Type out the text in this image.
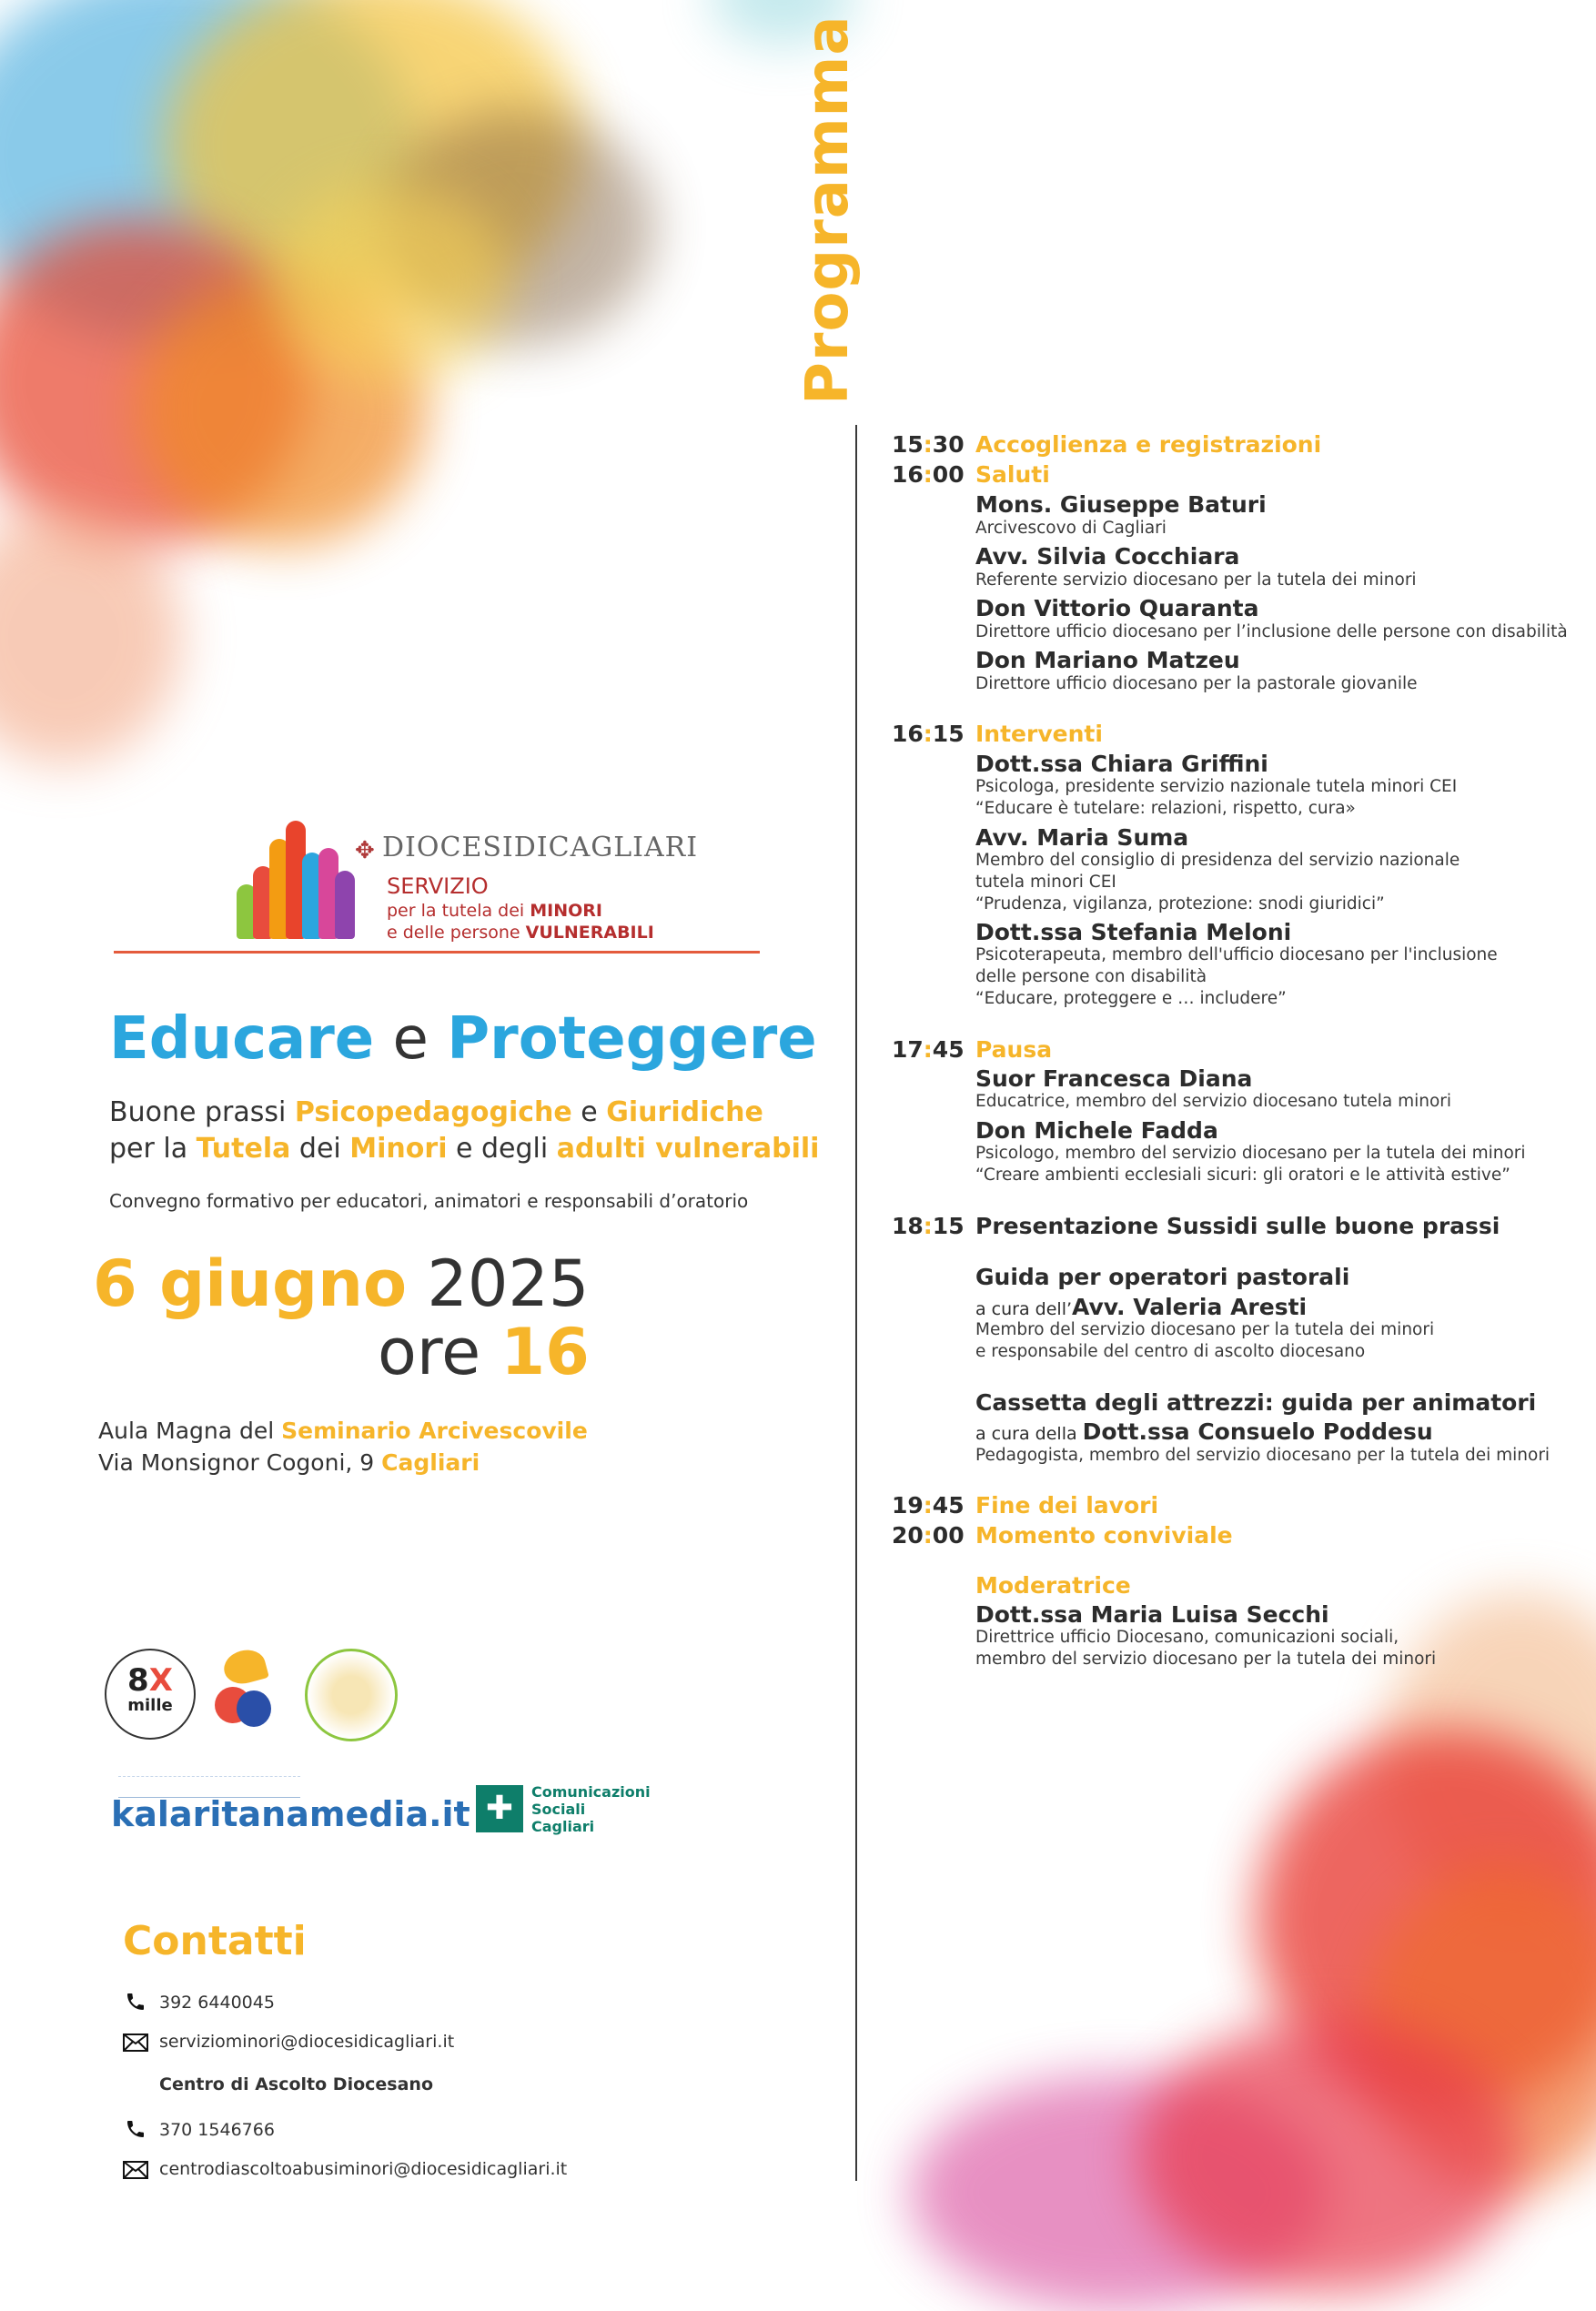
Programma
✥ DIOCESIDICAGLIARI
SERVIZIO
per la tutela dei MINORI
e delle persone VULNERABILI
Educare e Proteggere
Buone prassi Psicopedagogiche e Giuridiche
per la Tutela dei Minori e degli adulti vulnerabili
Convegno formativo per educatori, animatori e responsabili d’oratorio
6 giugno 2025
ore 16
Aula Magna del Seminario Arcivescovile
Via Monsignor Cogoni, 9 Cagliari
8X
mille
kalaritanamedia.it ✚	Comunicazioni
Sociali
Cagliari
Contatti
392 6440045
serviziominori@diocesidicagliari.it
Centro di Ascolto Diocesano
370 1546766
centrodiascoltoabusiminori@diocesidicagliari.it
15:30 Accoglienza e registrazioni
16:00 Saluti
Mons. Giuseppe Baturi
Arcivescovo di Cagliari
Avv. Silvia Cocchiara
Referente servizio diocesano per la tutela dei minori
Don Vittorio Quaranta
Direttore ufficio diocesano per l’inclusione delle persone con disabilità
Don Mariano Matzeu
Direttore ufficio diocesano per la pastorale giovanile
16:15 Interventi
Dott.ssa Chiara Griffini
Psicologa, presidente servizio nazionale tutela minori CEI
“Educare è tutelare: relazioni, rispetto, cura»
Avv. Maria Suma
Membro del consiglio di presidenza del servizio nazionale
tutela minori CEI
“Prudenza, vigilanza, protezione: snodi giuridici”
Dott.ssa Stefania Meloni
Psicoterapeuta, membro dell'ufficio diocesano per l'inclusione
delle persone con disabilità
“Educare, proteggere e … includere”
17:45 Pausa
Suor Francesca Diana
Educatrice, membro del servizio diocesano tutela minori
Don Michele Fadda
Psicologo, membro del servizio diocesano per la tutela dei minori
“Creare ambienti ecclesiali sicuri: gli oratori e le attività estive”
18:15 Presentazione Sussidi sulle buone prassi
Guida per operatori pastorali
a cura dell’Avv. Valeria Aresti
Membro del servizio diocesano per la tutela dei minori
e responsabile del centro di ascolto diocesano
Cassetta degli attrezzi: guida per animatori
a cura della Dott.ssa Consuelo Poddesu
Pedagogista, membro del servizio diocesano per la tutela dei minori
19:45 Fine dei lavori
20:00 Momento conviviale
Moderatrice
Dott.ssa Maria Luisa Secchi
Direttrice ufficio Diocesano, comunicazioni sociali,
membro del servizio diocesano per la tutela dei minori
